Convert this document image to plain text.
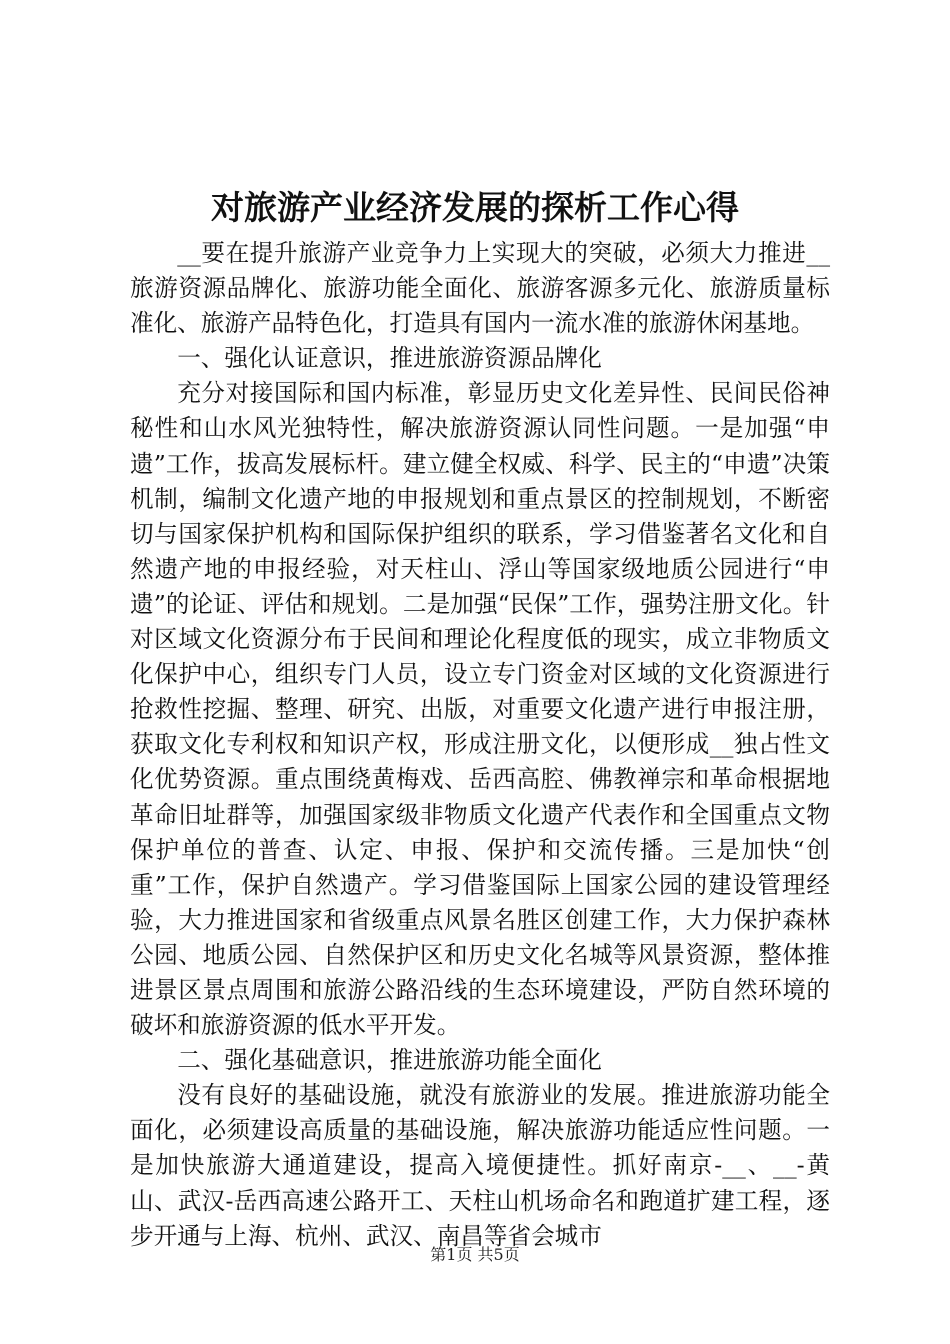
对旅游产业经济发展的探析工作心得

__要在提升旅游产业竞争力上实现大的突破，必须大力推进__旅游资源品牌化、旅游功能全面化、旅游客源多元化、旅游质量标准化、旅游产品特色化，打造具有国内一流水准的旅游休闲基地。

一、强化认证意识，推进旅游资源品牌化

充分对接国际和国内标准，彰显历史文化差异性、民间民俗神秘性和山水风光独特性，解决旅游资源认同性问题。一是加强“申遗”工作，拔高发展标杆。建立健全权威、科学、民主的“申遗”决策机制，编制文化遗产地的申报规划和重点景区的控制规划，不断密切与国家保护机构和国际保护组织的联系，学习借鉴著名文化和自然遗产地的申报经验，对天柱山、浮山等国家级地质公园进行“申遗”的论证、评估和规划。二是加强“民保”工作，强势注册文化。针对区域文化资源分布于民间和理论化程度低的现实，成立非物质文化保护中心，组织专门人员，设立专门资金对区域的文化资源进行抢救性挖掘、整理、研究、出版，对重要文化遗产进行申报注册，获取文化专利权和知识产权，形成注册文化，以便形成__独占性文化优势资源。重点围绕黄梅戏、岳西高腔、佛教禅宗和革命根据地革命旧址群等，加强国家级非物质文化遗产代表作和全国重点文物保护单位的普查、认定、申报、保护和交流传播。三是加快“创重”工作，保护自然遗产。学习借鉴国际上国家公园的建设管理经验，大力推进国家和省级重点风景名胜区创建工作，大力保护森林公园、地质公园、自然保护区和历史文化名城等风景资源，整体推进景区景点周围和旅游公路沿线的生态环境建设，严防自然环境的破坏和旅游资源的低水平开发。

二、强化基础意识，推进旅游功能全面化

没有良好的基础设施，就没有旅游业的发展。推进旅游功能全面化，必须建设高质量的基础设施，解决旅游功能适应性问题。一是加快旅游大通道建设，提高入境便捷性。抓好南京-__、__-黄山、武汉-岳西高速公路开工、天柱山机场命名和跑道扩建工程，逐步开通与上海、杭州、武汉、南昌等省会城市

第1页 共5页
